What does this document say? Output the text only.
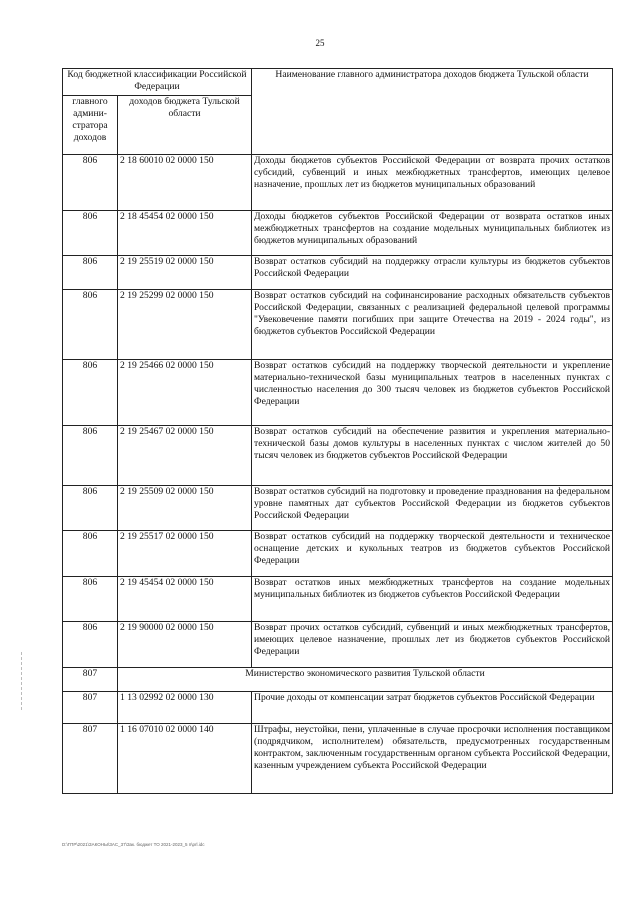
25
Код бюджетной классификации Российской Федерации		Наименование главного администратора доходов бюджета Тульской области
главного админи-стратора доходов	доходов бюджета Тульской области	
806	2 18 60010 02 0000 150	Доходы бюджетов субъектов Российской Федерации от возврата прочих остатков субсидий, субвенций и иных межбюджетных трансфертов, имеющих целевое назначение, прошлых лет из бюджетов муниципальных образований
806	2 18 45454 02 0000 150	Доходы бюджетов субъектов Российской Федерации от возврата остатков иных межбюджетных трансфертов на создание модельных муниципальных библиотек из бюджетов муниципальных образований
806	2 19 25519 02 0000 150	Возврат остатков субсидий на поддержку отрасли культуры из бюджетов субъектов Российской Федерации
806	2 19 25299 02 0000 150	Возврат остатков субсидий на софинансирование расходных обязательств субъектов Российской Федерации, связанных с реализацией федеральной целевой программы "Увековечение памяти погибших при защите Отечества на 2019 - 2024 годы", из бюджетов субъектов Российской Федерации
806	2 19 25466 02 0000 150	Возврат остатков субсидий на поддержку творческой деятельности и укрепление материально-технической базы муниципальных театров в населенных пунктах с численностью населения до 300 тысяч человек из бюджетов субъектов Российской Федерации
806	2 19 25467 02 0000 150	Возврат остатков субсидий на обеспечение развития и укрепления материально-технической базы домов культуры в населенных пунктах с числом жителей до 50 тысяч человек из бюджетов субъектов Российской Федерации
806	2 19 25509 02 0000 150	Возврат остатков субсидий на подготовку и проведение празднования на федеральном уровне памятных дат субъектов Российской Федерации из бюджетов субъектов Российской Федерации
806	2 19 25517 02 0000 150	Возврат остатков субсидий на поддержку творческой деятельности и техническое оснащение детских и кукольных театров из бюджетов субъектов Российской Федерации
806	2 19 45454 02 0000 150	Возврат остатков иных межбюджетных трансфертов на создание модельных муниципальных библиотек из бюджетов субъектов Российской Федерации
806	2 19 90000 02 0000 150	Возврат прочих остатков субсидий, субвенций и иных межбюджетных трансфертов, имеющих целевое назначение, прошлых лет из бюджетов субъектов Российской Федерации
807	Министерство экономического развития Тульской области	
807	1 13 02992 02 0000 130	Прочие доходы от компенсации затрат бюджетов субъектов Российской Федерации
807	1 16 07010 02 0000 140	Штрафы, неустойки, пени, уплаченные в случае просрочки исполнения поставщиком (подрядчиком, исполнителем) обязательств, предусмотренных государственным контрактом, заключенным государственным органом субъекта Российской Федерации, казенным учреждением субъекта Российской Федерации
D:\ГПР\2021\ЗАКОНЫ\ЗАС_37\Зак. бюджет ТО 2021-2023_5 п\prl.idc
